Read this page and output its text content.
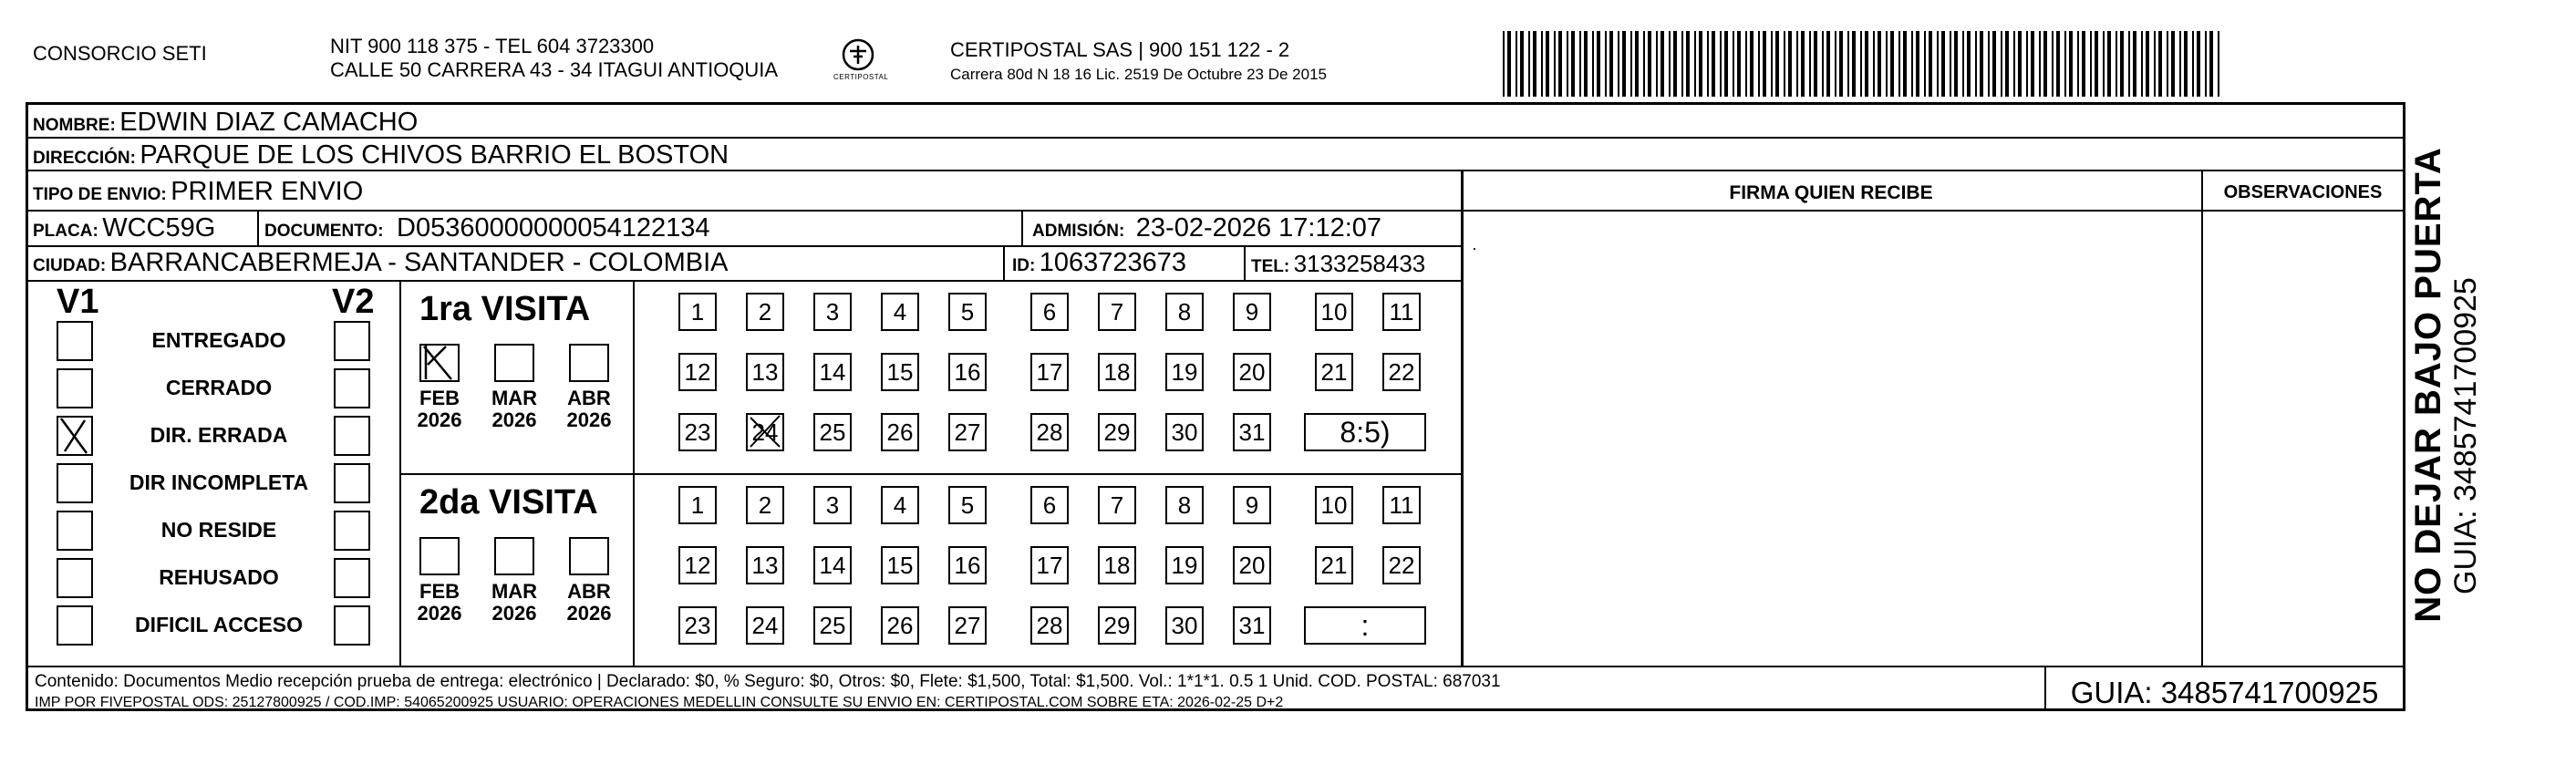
CONSORCIO SETI	NIT 900 118 375 - TEL 604 3723300
CALLE 50 CARRERA 43 - 34 ITAGUI ANTIOQUIA	CERTIPOSTAL
CERTIPOSTAL SAS | 900 151 122 - 2
Carrera 80d N 18 16 Lic. 2519 De Octubre 23 De 2015
NOMBRE: EDWIN DIAZ CAMACHO
DIRECCIÓN: PARQUE DE LOS CHIVOS BARRIO EL BOSTON
TIPO DE ENVIO: PRIMER ENVIO
PLACA: WCC59G	DOCUMENTO: D05360000000054122134	ADMISIÓN: 23-02-2026 17:12:07
CIUDAD: BARRANCABERMEJA - SANTANDER - COLOMBIA	ID: 1063723673	TEL: 3133258433
FIRMA QUIEN RECIBE	OBSERVACIONES
·
V1	V2
ENTREGADO
CERRADO
DIR. ERRADA
DIR INCOMPLETA
NO RESIDE
REHUSADO
DIFICIL ACCESO
1ra VISITA
2da VISITA
FEB
2026
MAR
2026
ABR
2026
1	2	3	4	5	6	7	8	9	10 11
12 13 14 15 16 17 18 19 20 21 22
23 24 25 26 27 28 29 30 31	8:5)
FEB
2026
MAR
2026
ABR
2026
1	2	3	4	5	6	7	8	9	10 11
12 13 14 15 16 17 18 19 20 21 22
23 24 25 26 27 28 29 30 31	:
Contenido: Documentos Medio recepción prueba de entrega: electrónico | Declarado: $0, % Seguro: $0, Otros: $0, Flete: $1,500, Total: $1,500. Vol.: 1*1*1. 0.5 1 Unid. COD. POSTAL: 687031
IMP POR FIVEPOSTAL ODS: 25127800925 / COD.IMP: 54065200925 USUARIO: OPERACIONES MEDELLIN CONSULTE SU ENVIO EN: CERTIPOSTAL.COM SOBRE ETA: 2026-02-25 D+2	GUIA: 3485741700925
NO DEJAR BAJO PUERTA GUIA: 3485741700925
